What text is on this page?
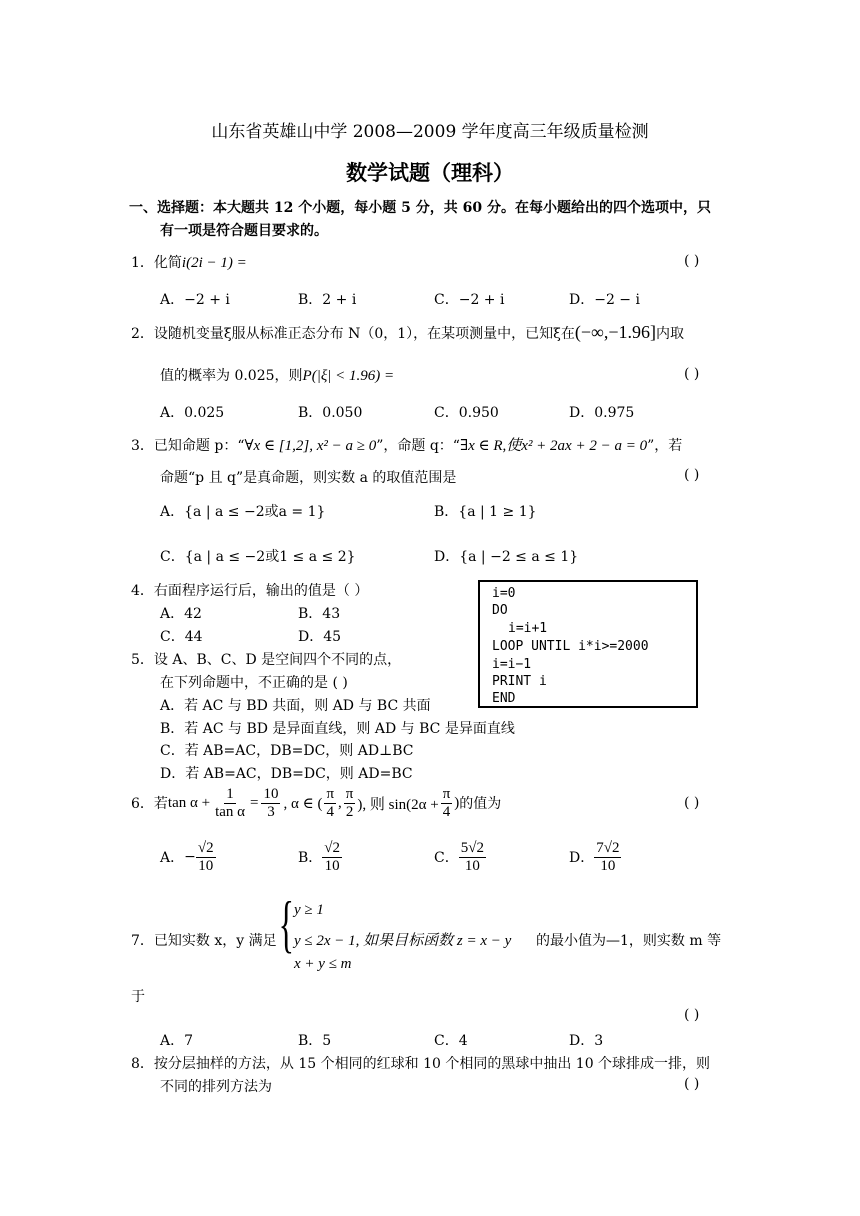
山东省英雄山中学 2008—2009 学年度高三年级质量检测
数学试题（理科）
一、选择题：本大题共 12 个小题，每小题 5 分，共 60 分。在每小题给出的四个选项中，只
有一项是符合题目要求的。
1．化简i(2i − 1) =	( )
A．−2 + i	B．2 + i	C．−2 + i	D．−2 − i
2．设随机变量ξ服从标准正态分布 N（0，1），在某项测量中，已知ξ在(−∞,−1.96]内取
值的概率为 0.025，则P(|ξ| < 1.96) =	( )
A．0.025	B．0.050	C．0.950	D．0.975
3．已知命题 p：“∀x ∈ [1,2], x² − a ≥ 0”，命题 q：“∃x ∈ R,使x² + 2ax + 2 − a = 0”，若
命题“p 且 q”是真命题，则实数 a 的取值范围是	( )
A．{a | a ≤ −2或a = 1}	B．{a | 1 ≥ 1}
C．{a | a ≤ −2或1 ≤ a ≤ 2}	D．{a | −2 ≤ a ≤ 1}
4．右面程序运行后，输出的值是（ ）
A．42	B．43
C．44	D．45
i=0
DO
i=i+1
LOOP UNTIL i*i>=2000
i=i−1
PRINT i
END
5．设 A、B、C、D 是空间四个不同的点，
在下列命题中，不正确的是 ( )
A．若 AC 与 BD 共面，则 AD 与 BC 共面
B．若 AC 与 BD 是异面直线，则 AD 与 BC 是异面直线
C．若 AB=AC，DB=DC，则 AD⊥BC
D．若 AB=AC，DB=DC，则 AD=BC
6．若 $\tan \alpha + \frac{1}{\text{tan α}} = \frac{10}{3}$ , α ∈ ( $\frac{\pi}{4}$ , $\frac{\pi}{2}$ ), 则 $\sin(2\alpha + \frac{\pi}{4}$ ) 的值为	( )
A． − $\frac{√2}{10}$	B． $\frac{√2}{10}$	C． $\frac{5√2}{10}$	D． $\frac{7√2}{10}$
7．已知实数 x，y 满足 { y ≥ 1
y ≤ 2x − 1, 如果目标函数 z = x − y
x + y ≤ m
的最小值为—1，则实数 m 等
于
( )
A．7	B．5	C．4	D．3
8．按分层抽样的方法，从 15 个相同的红球和 10 个相同的黑球中抽出 10 个球排成一排，则
不同的排列方法为	( )
